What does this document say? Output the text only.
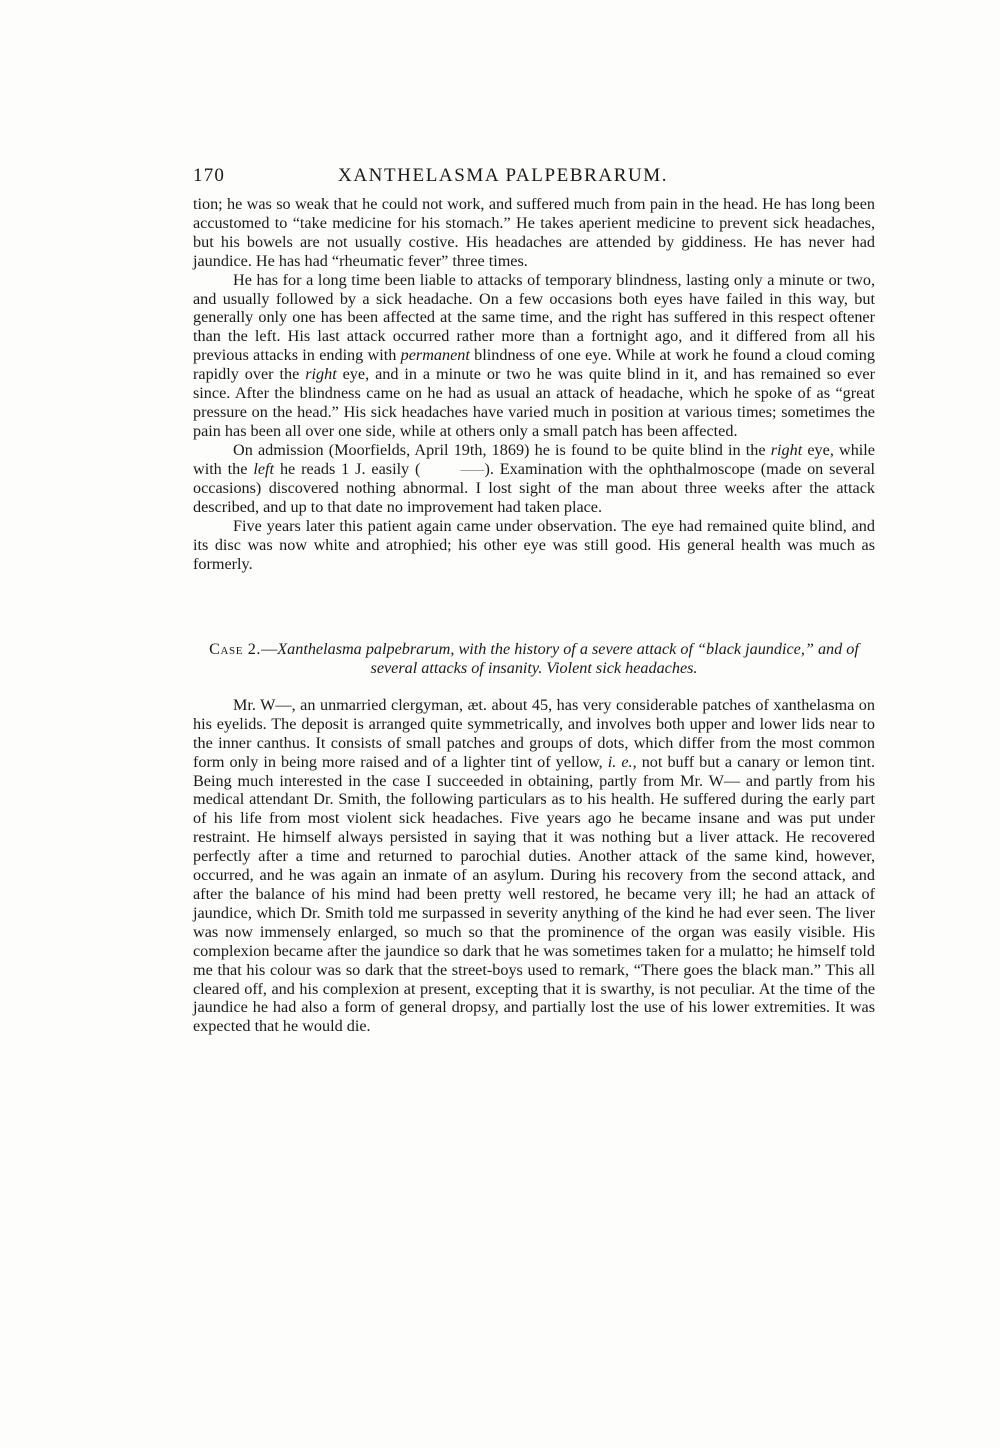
170	XANTHELASMA PALPEBRARUM.

tion; he was so weak that he could not work, and suffered much from pain in the head. He has long been accustomed to “take medicine for his stomach.” He takes aperient medicine to prevent sick headaches, but his bowels are not usually costive. His headaches are attended by giddiness. He has never had jaundice. He has had “rheumatic fever” three times.

He has for a long time been liable to attacks of temporary blindness, lasting only a minute or two, and usually followed by a sick headache. On a few occasions both eyes have failed in this way, but generally only one has been affected at the same time, and the right has suffered in this respect oftener than the left. His last attack occurred rather more than a fortnight ago, and it differed from all his previous attacks in ending with permanent blindness of one eye. While at work he found a cloud coming rapidly over the right eye, and in a minute or two he was quite blind in it, and has remained so ever since. After the blindness came on he had as usual an attack of headache, which he spoke of as “great pressure on the head.” His sick headaches have varied much in position at various times; sometimes the pain has been all over one side, while at others only a small patch has been affected.

On admission (Moorfields, April 19th, 1869) he is found to be quite blind in the right eye, while with the left he reads 1 J. easily (	———). Examination with the ophthalmoscope (made on several occasions) discovered nothing abnormal. I lost sight of the man about three weeks after the attack described, and up to that date no improvement had taken place.

Five years later this patient again came under observation. The eye had remained quite blind, and its disc was now white and atrophied; his other eye was still good. His general health was much as formerly.

Case 2.—Xanthelasma palpebrarum, with the history of a severe attack of “black jaundice,” and of several attacks of insanity. Violent sick headaches.

Mr. W—, an unmarried clergyman, æt. about 45, has very considerable patches of xanthelasma on his eyelids. The deposit is arranged quite symmetrically, and involves both upper and lower lids near to the inner canthus. It consists of small patches and groups of dots, which differ from the most common form only in being more raised and of a lighter tint of yellow, i. e., not buff but a canary or lemon tint. Being much interested in the case I succeeded in obtaining, partly from Mr. W— and partly from his medical attendant Dr. Smith, the following particulars as to his health. He suffered during the early part of his life from most violent sick headaches. Five years ago he became insane and was put under restraint. He himself always persisted in saying that it was nothing but a liver attack. He recovered perfectly after a time and returned to parochial duties. Another attack of the same kind, however, occurred, and he was again an inmate of an asylum. During his recovery from the second attack, and after the balance of his mind had been pretty well restored, he became very ill; he had an attack of jaundice, which Dr. Smith told me surpassed in severity anything of the kind he had ever seen. The liver was now immensely enlarged, so much so that the prominence of the organ was easily visible. His complexion became after the jaundice so dark that he was sometimes taken for a mulatto; he himself told me that his colour was so dark that the street-boys used to remark, “There goes the black man.” This all cleared off, and his complexion at present, excepting that it is swarthy, is not peculiar. At the time of the jaundice he had also a form of general dropsy, and partially lost the use of his lower extremities. It was expected that he would die.
